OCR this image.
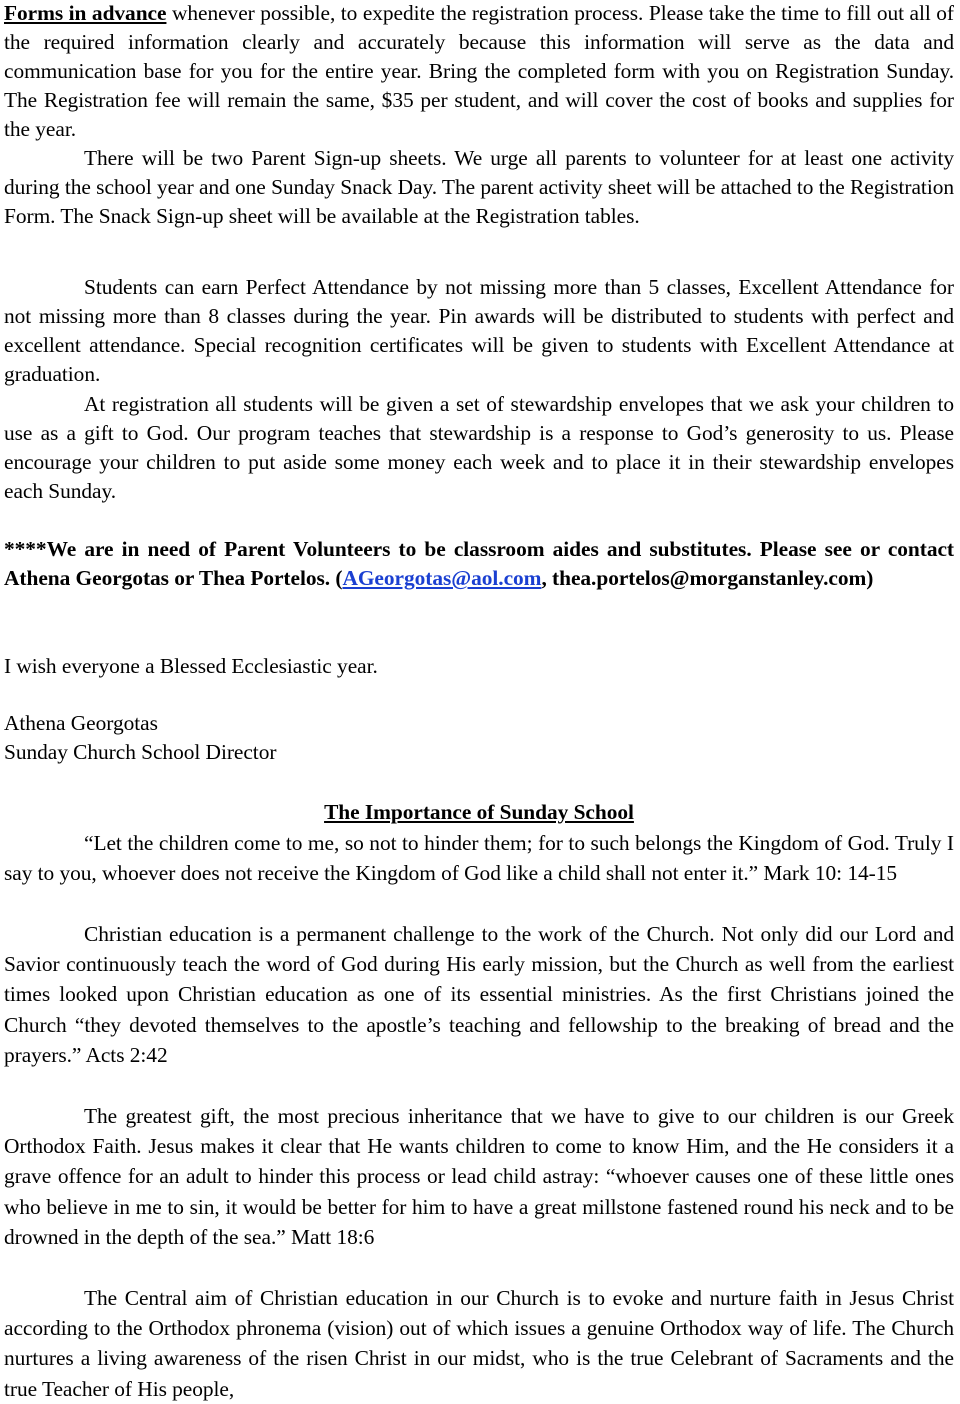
Forms in advance whenever possible, to expedite the registration process. Please take the time to fill out all of the required information clearly and accurately because this information will serve as the data and communication base for you for the entire year. Bring the completed form with you on Registration Sunday. The Registration fee will remain the same, $35 per student, and will cover the cost of books and supplies for the year.

There will be two Parent Sign-up sheets. We urge all parents to volunteer for at least one activity during the school year and one Sunday Snack Day. The parent activity sheet will be attached to the Registration Form. The Snack Sign-up sheet will be available at the Registration tables.

Students can earn Perfect Attendance by not missing more than 5 classes, Excellent Attendance for not missing more than 8 classes during the year. Pin awards will be distributed to students with perfect and excellent attendance. Special recognition certificates will be given to students with Excellent Attendance at graduation.

At registration all students will be given a set of stewardship envelopes that we ask your children to use as a gift to God. Our program teaches that stewardship is a response to God’s generosity to us. Please encourage your children to put aside some money each week and to place it in their stewardship envelopes each Sunday.

****We are in need of Parent Volunteers to be classroom aides and substitutes. Please see or contact Athena Georgotas or Thea Portelos. (AGeorgotas@aol.com, thea.portelos@morganstanley.com)

I wish everyone a Blessed Ecclesiastic year.

Athena Georgotas

Sunday Church School Director

The Importance of Sunday School

“Let the children come to me, so not to hinder them; for to such belongs the Kingdom of God. Truly I say to you, whoever does not receive the Kingdom of God like a child shall not enter it.” Mark 10: 14-15

Christian education is a permanent challenge to the work of the Church. Not only did our Lord and Savior continuously teach the word of God during His early mission, but the Church as well from the earliest times looked upon Christian education as one of its essential ministries. As the first Christians joined the Church “they devoted themselves to the apostle’s teaching and fellowship to the breaking of bread and the prayers.” Acts 2:42

The greatest gift, the most precious inheritance that we have to give to our children is our Greek Orthodox Faith. Jesus makes it clear that He wants children to come to know Him, and the He considers it a grave offence for an adult to hinder this process or lead child astray: “whoever causes one of these little ones who believe in me to sin, it would be better for him to have a great millstone fastened round his neck and to be drowned in the depth of the sea.” Matt 18:6

The Central aim of Christian education in our Church is to evoke and nurture faith in Jesus Christ according to the Orthodox phronema (vision) out of which issues a genuine Orthodox way of life. The Church nurtures a living awareness of the risen Christ in our midst, who is the true Celebrant of Sacraments and the true Teacher of His people,
